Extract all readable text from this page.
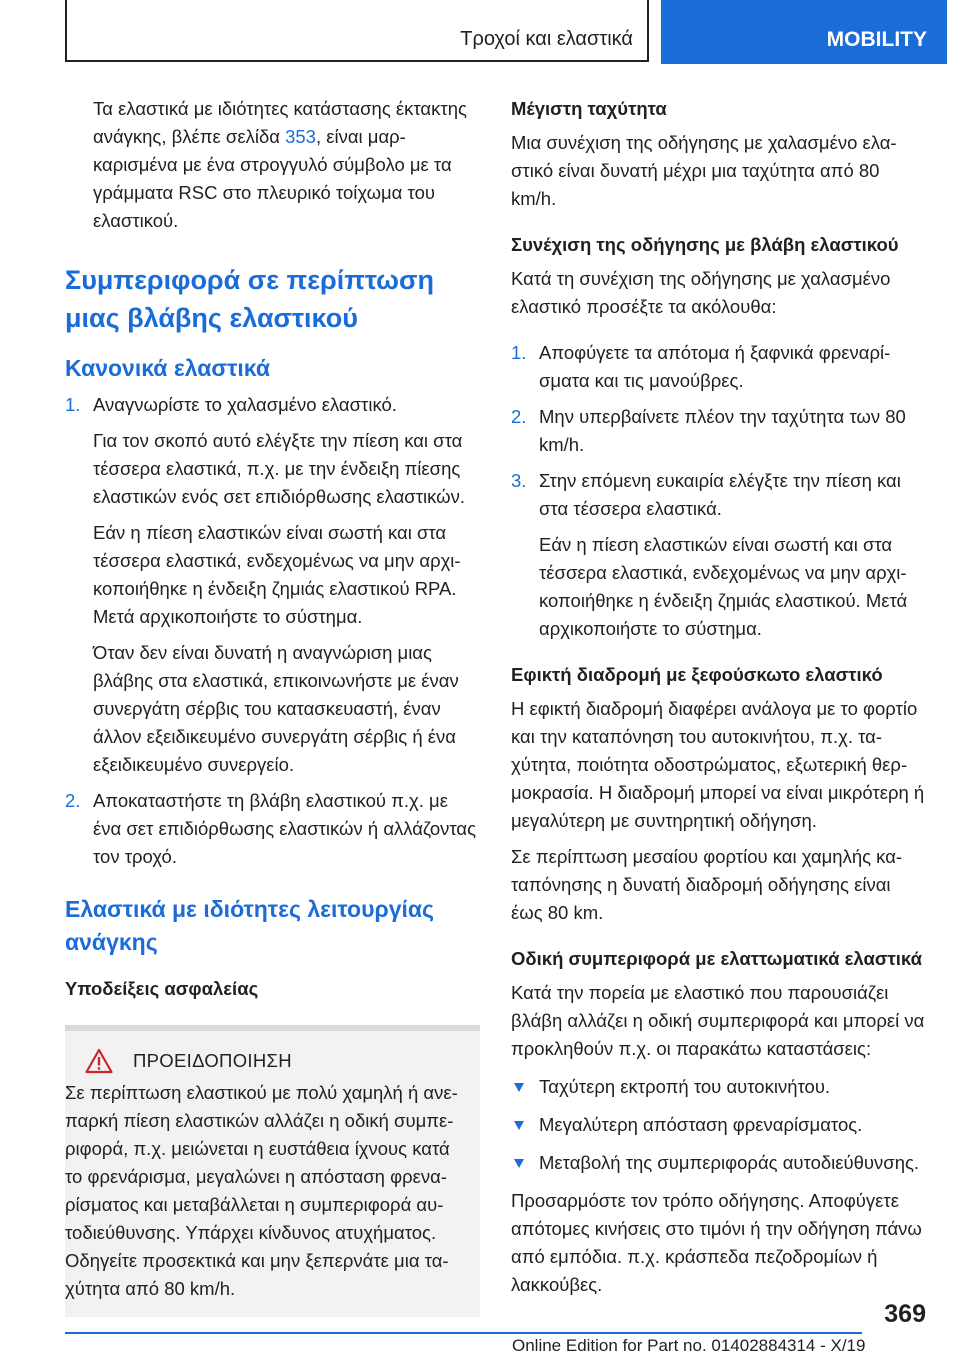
Τροχοί και ελαστικά	MOBILITY

Τα ελαστικά με ιδιότητες κατάστασης έκτακτης ανάγκης, βλέπε σελίδα 353, είναι μαρκαρισμένα με ένα στρογγυλό σύμβολο με τα γράμματα RSC στο πλευρικό τοίχωμα του ελαστικού.

Συμπεριφορά σε περίπτωση μιας βλάβης ελαστικού
Κανονικά ελαστικά
1. Αναγνωρίστε το χαλασμένο ελαστικό.

Για τον σκοπό αυτό ελέγξτε την πίεση και στα τέσσερα ελαστικά, π.χ. με την ένδειξη πίεσης ελαστικών ενός σετ επιδιόρθωσης ελαστικών.

Εάν η πίεση ελαστικών είναι σωστή και στα τέσσερα ελαστικά, ενδεχομένως να μην αρχικοποιήθηκε η ένδειξη ζημιάς ελαστικού RPA. Μετά αρχικοποιήστε το σύστημα.

Όταν δεν είναι δυνατή η αναγνώριση μιας βλάβης στα ελαστικά, επικοινωνήστε με έναν συνεργάτη σέρβις του κατασκευαστή, έναν άλλον εξειδικευμένο συνεργάτη σέρβις ή ένα εξειδικευμένο συνεργείο.

2. Αποκαταστήστε τη βλάβη ελαστικού π.χ. με ένα σετ επιδιόρθωσης ελαστικών ή αλλάζοντας τον τροχό.

Ελαστικά με ιδιότητες λειτουργίας ανάγκης

Υποδείξεις ασφαλείας

ΠΡΟΕΙΔΟΠΟΙΗΣΗ

Σε περίπτωση ελαστικού με πολύ χαμηλή ή ανεπαρκή πίεση ελαστικών αλλάζει η οδική συμπεριφορά, π.χ. μειώνεται η ευστάθεια ίχνους κατά το φρενάρισμα, μεγαλώνει η απόσταση φρεναρίσματος και μεταβάλλεται η συμπεριφορά αυτοδιεύθυνσης. Υπάρχει κίνδυνος ατυχήματος. Οδηγείτε προσεκτικά και μην ξεπερνάτε μια ταχύτητα από 80 km/h.

Μέγιστη ταχύτητα

Μια συνέχιση της οδήγησης με χαλασμένο ελαστικό είναι δυνατή μέχρι μια ταχύτητα από 80 km/h.

Συνέχιση της οδήγησης με βλάβη ελαστικού

Κατά τη συνέχιση της οδήγησης με χαλασμένο ελαστικό προσέξτε τα ακόλουθα:

1. Αποφύγετε τα απότομα ή ξαφνικά φρεναρίσματα και τις μανούβρες.

2. Μην υπερβαίνετε πλέον την ταχύτητα των 80 km/h.

3. Στην επόμενη ευκαιρία ελέγξτε την πίεση και στα τέσσερα ελαστικά.

Εάν η πίεση ελαστικών είναι σωστή και στα τέσσερα ελαστικά, ενδεχομένως να μην αρχικοποιήθηκε η ένδειξη ζημιάς ελαστικού. Μετά αρχικοποιήστε το σύστημα.

Εφικτή διαδρομή με ξεφούσκωτο ελαστικό

Η εφικτή διαδρομή διαφέρει ανάλογα με το φορτίο και την καταπόνηση του αυτοκινήτου, π.χ. ταχύτητα, ποιότητα οδοστρώματος, εξωτερική θερμοκρασία. Η διαδρομή μπορεί να είναι μικρότερη ή μεγαλύτερη με συντηρητική οδήγηση.

Σε περίπτωση μεσαίου φορτίου και χαμηλής καταπόνησης η δυνατή διαδρομή οδήγησης είναι έως 80 km.

Οδική συμπεριφορά με ελαττωματικά ελαστικά

Κατά την πορεία με ελαστικό που παρουσιάζει βλάβη αλλάζει η οδική συμπεριφορά και μπορεί να προκληθούν π.χ. οι παρακάτω καταστάσεις:

Ταχύτερη εκτροπή του αυτοκινήτου.

Μεγαλύτερη απόσταση φρεναρίσματος.

Μεταβολή της συμπεριφοράς αυτοδιεύθυνσης.

Προσαρμόστε τον τρόπο οδήγησης. Αποφύγετε απότομες κινήσεις στο τιμόνι ή την οδήγηση πάνω από εμπόδια. π.χ. κράσπεδα πεζοδρομίων ή λακκούβες.

369
Online Edition for Part no. 01402884314 - X/19
